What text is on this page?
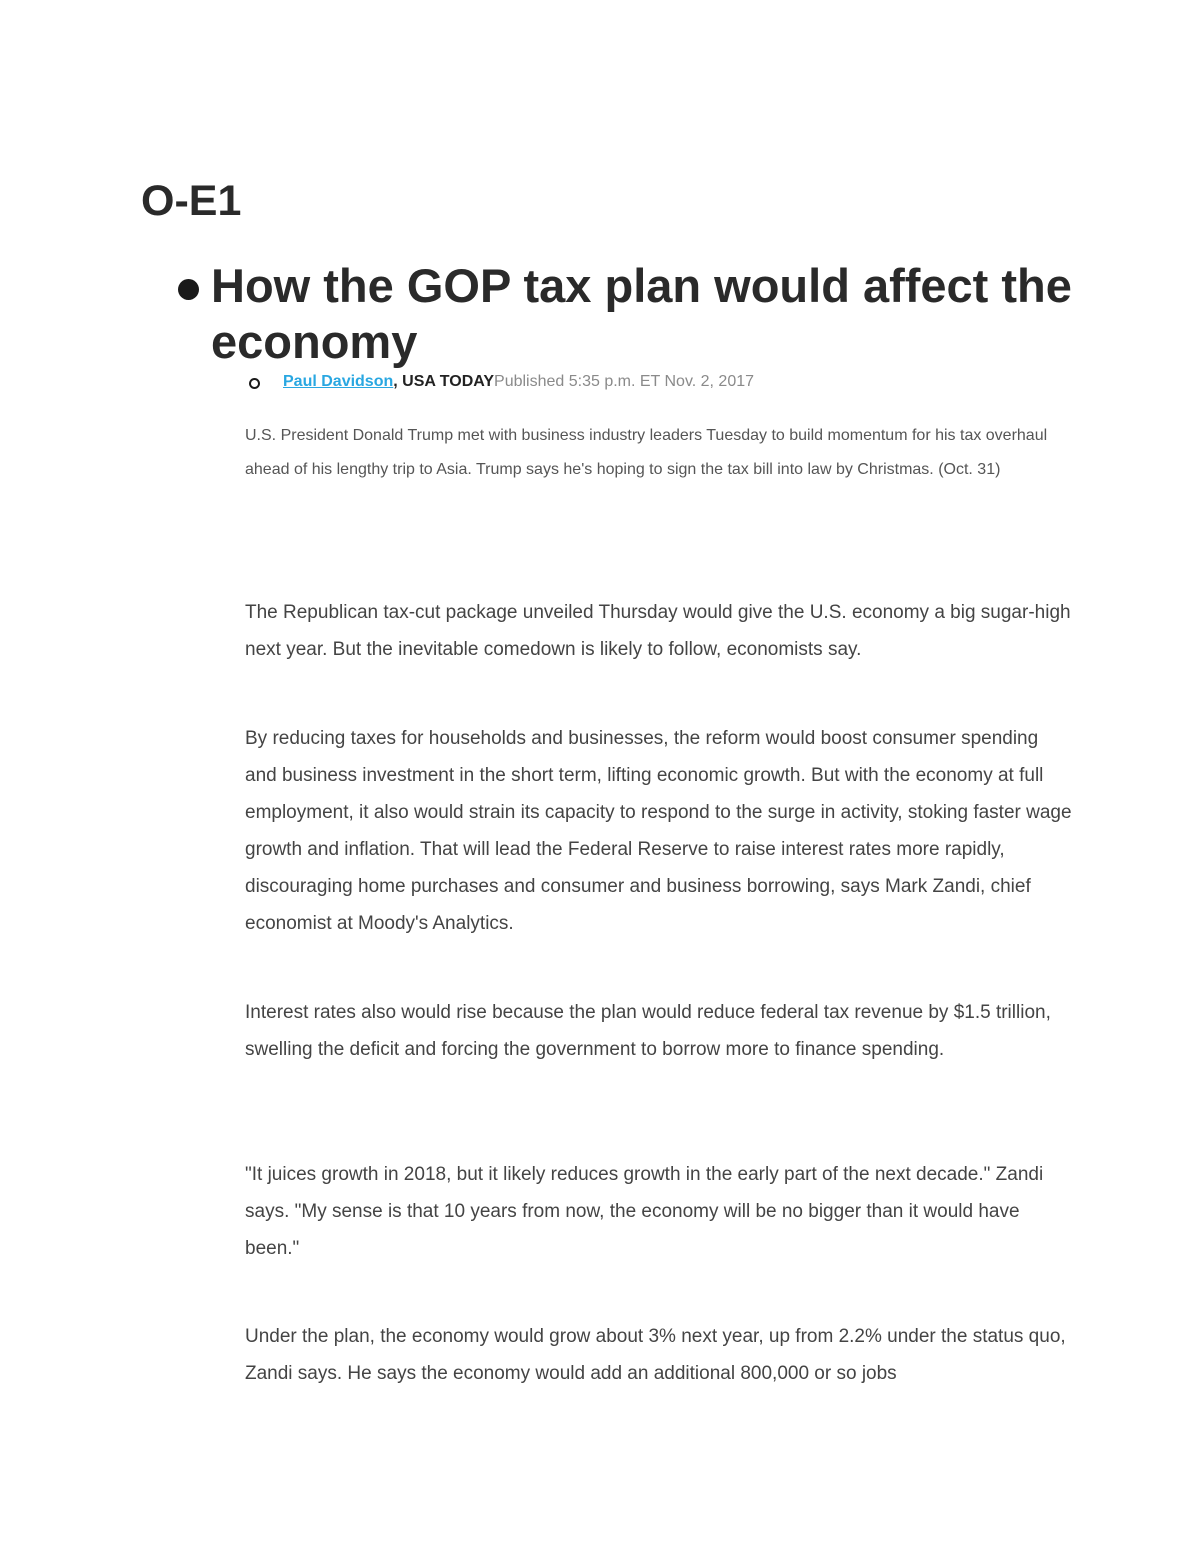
O-E1
How the GOP tax plan would affect the economy
Paul Davidson, USA TODAYPublished 5:35 p.m. ET Nov. 2, 2017

U.S. President Donald Trump met with business industry leaders Tuesday to build momentum for his tax overhaul ahead of his lengthy trip to Asia. Trump says he's hoping to sign the tax bill into law by Christmas. (Oct. 31)

The Republican tax-cut package unveiled Thursday would give the U.S. economy a big sugar-high next year. But the inevitable comedown is likely to follow, economists say.

By reducing taxes for households and businesses, the reform would boost consumer spending and business investment in the short term, lifting economic growth. But with the economy at full employment, it also would strain its capacity to respond to the surge in activity, stoking faster wage growth and inflation. That will lead the Federal Reserve to raise interest rates more rapidly, discouraging home purchases and consumer and business borrowing, says Mark Zandi, chief economist at Moody's Analytics.

Interest rates also would rise because the plan would reduce federal tax revenue by $1.5 trillion, swelling the deficit and forcing the government to borrow more to finance spending.

"It juices growth in 2018, but it likely reduces growth in the early part of the next decade." Zandi says. "My sense is that 10 years from now, the economy will be no bigger than it would have been."

Under the plan, the economy would grow about 3% next year, up from 2.2% under the status quo, Zandi says. He says the economy would add an additional 800,000 or so jobs
